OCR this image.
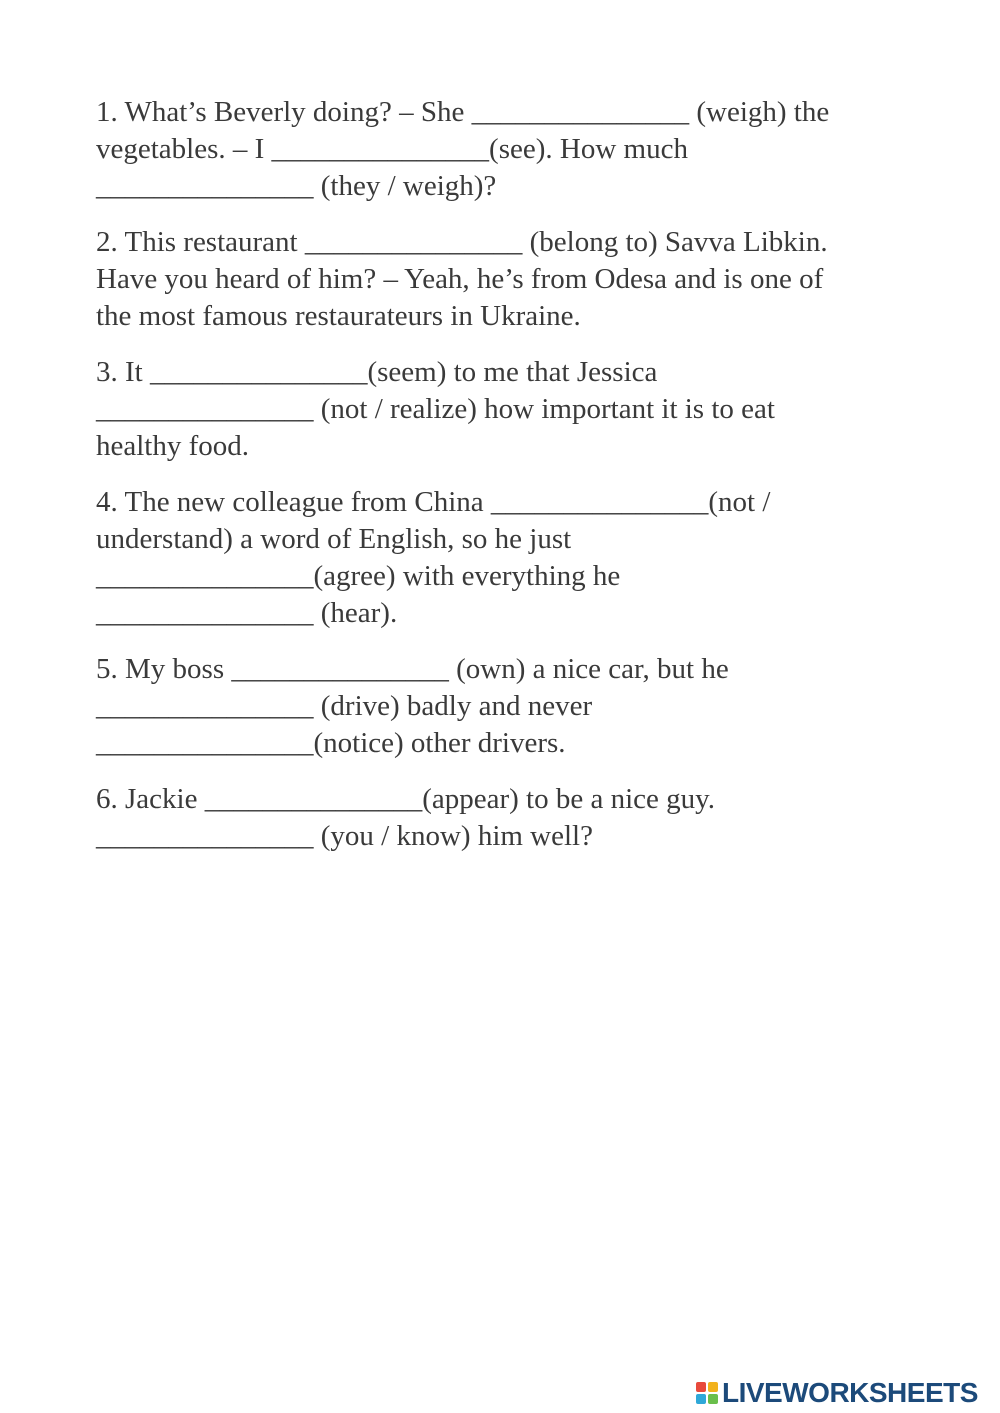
1. What’s Beverly doing? – She _______________ (weigh) the
vegetables. – I _______________(see). How much
_______________ (they / weigh)?
2. This restaurant _______________ (belong to) Savva Libkin.
Have you heard of him? – Yeah, he’s from Odesa and is one of
the most famous restaurateurs in Ukraine.
3. It _______________(seem) to me that Jessica
_______________ (not / realize) how important it is to eat
healthy food.
4. The new colleague from China _______________(not /
understand) a word of English, so he just
_______________(agree) with everything he
_______________ (hear).
5. My boss _______________ (own) a nice car, but he
_______________ (drive) badly and never
_______________(notice) other drivers.
6. Jackie _______________(appear) to be a nice guy.
_______________ (you / know) him well?
LIVEWORKSHEETS
